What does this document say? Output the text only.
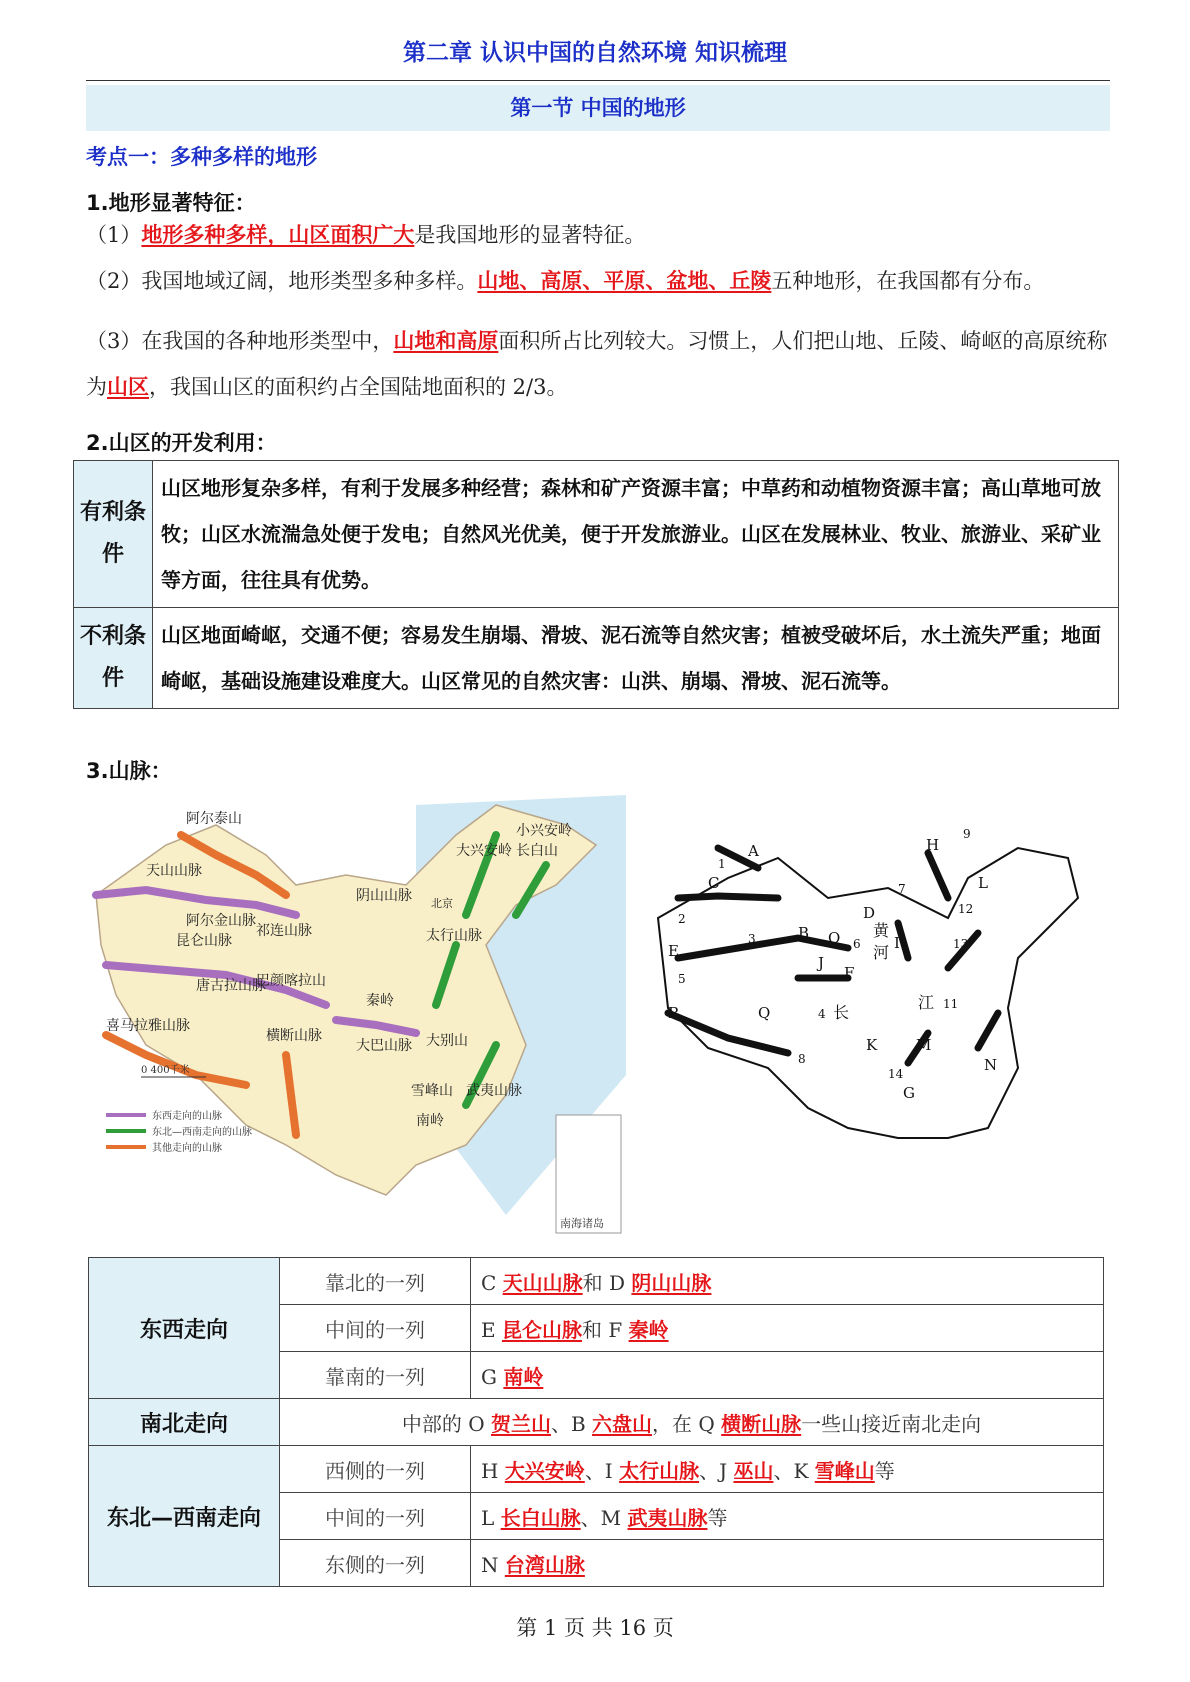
第二章 认识中国的自然环境 知识梳理
第一节 中国的地形
考点一：多种多样的地形
1.地形显著特征：
（1）地形多种多样，山区面积广大是我国地形的显著特征。
（2）我国地域辽阔，地形类型多种多样。山地、高原、平原、盆地、丘陵五种地形，在我国都有分布。
（3）在我国的各种地形类型中，山地和高原面积所占比列较大。习惯上，人们把山地、丘陵、崎岖的高原统称为山区，我国山区的面积约占全国陆地面积的 2/3。
2.山区的开发利用：
有利条件	山区地形复杂多样，有利于发展多种经营；森林和矿产资源丰富；中草药和动植物资源丰富；高山草地可放牧；山区水流湍急处便于发电；自然风光优美，便于开发旅游业。山区在发展林业、牧业、旅游业、采矿业等方面，往往具有优势。
不利条件	山区地面崎岖，交通不便；容易发生崩塌、滑坡、泥石流等自然灾害；植被受破坏后，水土流失严重；地面崎岖，基础设施建设难度大。山区常见的自然灾害：山洪、崩塌、滑坡、泥石流等。
3.山脉：
南海诸岛
阿尔泰山
天山山脉
昆仑山脉
喜马拉雅山脉
大兴安岭 长白山
阴山山脉
阿尔金山脉
祁连山脉
唐古拉山脉
巴颜喀拉山
横断山脉
秦岭
大巴山脉
太行山脉
大别山
南岭
雪峰山 武夷山脉
小兴安岭
北京
0 400千米
东西走向的山脉
东北—西南走向的山脉
其他走向的山脉
A
B
C
D
E
F
G
H
I
J
K
L
M
N
O
Q
R
1
2
3
4
5
6
7
8
9
11
12
13
14
黄
河
长
江
东西走向	靠北的一列	C 天山山脉和 D 阴山山脉
	中间的一列	E 昆仑山脉和 F 秦岭
	靠南的一列	G 南岭
南北走向	中部的 O 贺兰山、B 六盘山，在 Q 横断山脉一些山接近南北走向	
东北—西南走向	西侧的一列	H 大兴安岭、I 太行山脉、J 巫山、K 雪峰山等
	中间的一列	L 长白山脉、M 武夷山脉等
	东侧的一列	N 台湾山脉
第 1 页 共 16 页
